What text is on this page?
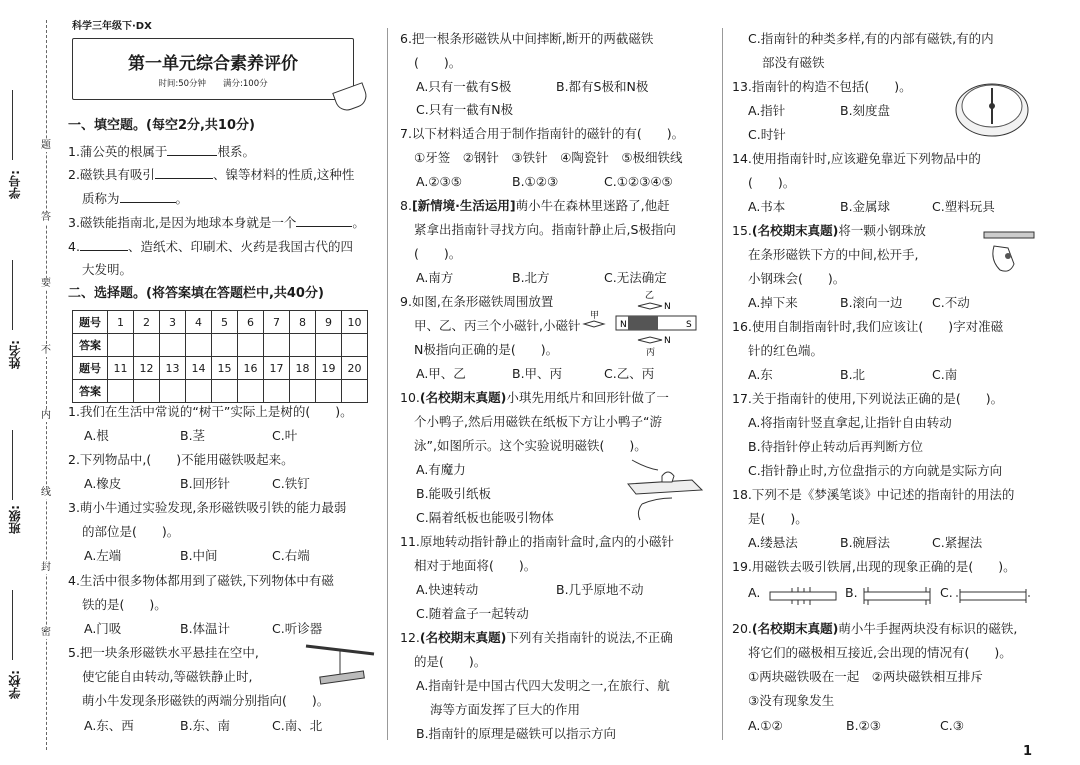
学号:
姓名:
班级:
学校:
题
答
要
不
内
线
封
密
科学三年级下·DX
第一单元综合素养评价
时间:50分钟　　满分:100分
一、填空题。(每空2分,共10分)
1.蒲公英的根属于	根系。
2.磁铁具有吸引	、镍等材料的性质,这种性
质称为	。
3.磁铁能指南北,是因为地球本身就是一个	。
4.	、造纸术、印刷术、火药是我国古代的四
大发明。
二、选择题。(将答案填在答题栏中,共40分)
题号	1	2	3	4	5	6	7	8	9	10
答案										
题号	11	12	13	14	15	16	17	18	19	20
答案										
1.我们在生活中常说的“树干”实际上是树的(　　)。
A.根	B.茎	C.叶
2.下列物品中,(　　)不能用磁铁吸起来。
A.橡皮	B.回形针	C.铁钉
3.萌小牛通过实验发现,条形磁铁吸引铁的能力最弱
的部位是(　　)。
A.左端	B.中间	C.右端
4.生活中很多物体都用到了磁铁,下列物体中有磁
铁的是(　　)。
A.门吸	B.体温计	C.听诊器
5.把一块条形磁铁水平悬挂在空中,
使它能自由转动,等磁铁静止时,
萌小牛发现条形磁铁的两端分别指向(　　)。
A.东、西	B.东、南	C.南、北
6.把一根条形磁铁从中间摔断,断开的两截磁铁
(　　)。
A.只有一截有S极	B.都有S极和N极
C.只有一截有N极
7.以下材料适合用于制作指南针的磁针的有(　　)。
①牙签　②钢针　③铁针　④陶瓷针　⑤极细铁线
A.②③⑤	B.①②③	C.①②③④⑤
8.[新情境·生活运用]萌小牛在森林里迷路了,他赶
紧拿出指南针寻找方向。指南针静止后,S极指向
(　　)。
A.南方	B.北方	C.无法确定
9.如图,在条形磁铁周围放置
甲、乙、丙三个小磁针,小磁针
N极指向正确的是(　　)。
A.甲、乙	B.甲、丙	C.乙、丙
乙
N
甲
N	S
N
丙
10.(名校期末真题)小琪先用纸片和回形针做了一
个小鸭子,然后用磁铁在纸板下方让小鸭子“游
泳”,如图所示。这个实验说明磁铁(　　)。
A.有魔力
B.能吸引纸板
C.隔着纸板也能吸引物体
11.原地转动指针静止的指南针盒时,盒内的小磁针
相对于地面将(　　)。
A.快速转动	B.几乎原地不动
C.随着盒子一起转动
12.(名校期末真题)下列有关指南针的说法,不正确
的是(　　)。
A.指南针是中国古代四大发明之一,在旅行、航
海等方面发挥了巨大的作用
B.指南针的原理是磁铁可以指示方向
C.指南针的种类多样,有的内部有磁铁,有的内
部没有磁铁
13.指南针的构造不包括(　　)。
A.指针	B.刻度盘
C.时针
14.使用指南针时,应该避免靠近下列物品中的
(　　)。
A.书本	B.金属球	C.塑料玩具
15.(名校期末真题)将一颗小钢珠放
在条形磁铁下方的中间,松开手,
小钢珠会(　　)。
A.掉下来	B.滚向一边 C.不动
16.使用自制指南针时,我们应该让(　　)字对准磁
针的红色端。
A.东	B.北	C.南
17.关于指南针的使用,下列说法正确的是(　　)。
A.将指南针竖直拿起,让指针自由转动
B.待指针停止转动后再判断方位
C.指针静止时,方位盘指示的方向就是实际方向
18.下列不是《梦溪笔谈》中记述的指南针的用法的
是(　　)。
A.缕悬法	B.碗唇法	C.紧握法
19.用磁铁去吸引铁屑,出现的现象正确的是(　　)。
A.	B.	C.
20.(名校期末真题)萌小牛手握两块没有标识的磁铁,
将它们的磁极相互接近,会出现的情况有(　　)。
①两块磁铁吸在一起　②两块磁铁相互排斥
③没有现象发生
A.①②	B.②③	C.③
1
